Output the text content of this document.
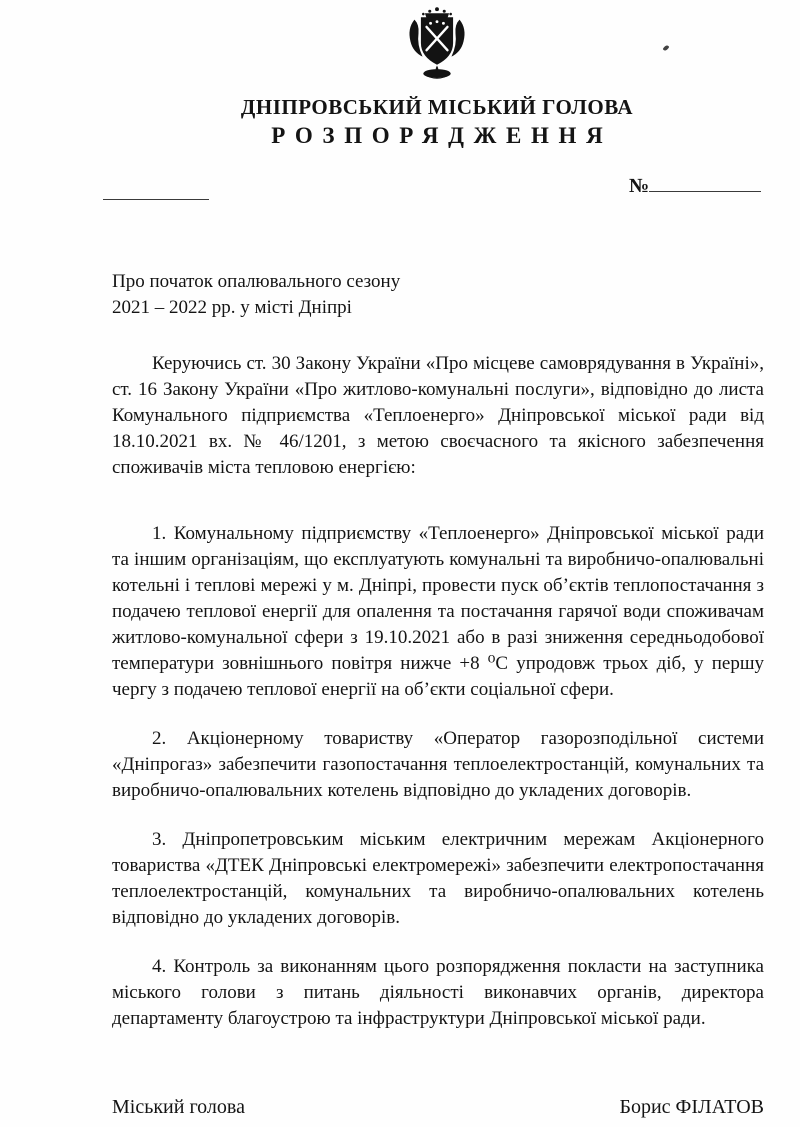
ДНІПРОВСЬКИЙ МІСЬКИЙ ГОЛОВА
РОЗПОРЯДЖЕННЯ
№
Про початок опалювального сезону
2021 – 2022 рр. у місті Дніпрі

Керуючись ст. 30 Закону України «Про місцеве самоврядування в Україні», ст. 16 Закону України «Про житлово-комунальні послуги», відповідно до листа Комунального підприємства «Теплоенерго» Дніпровської міської ради від 18.10.2021 вх. № 46/1201, з метою своєчасного та якісного забезпечення споживачів міста тепловою енергією:

1. Комунальному підприємству «Теплоенерго» Дніпровської міської ради та іншим організаціям, що експлуатують комунальні та виробничо-опалювальні котельні і теплові мережі у м. Дніпрі, провести пуск об’єктів теплопостачання з подачею теплової енергії для опалення та постачання гарячої води споживачам житлово-комунальної сфери з 19.10.2021 або в разі зниження середньодобової температури зовнішнього повітря нижче +8 ⁰С упродовж трьох діб, у першу чергу з подачею теплової енергії на об’єкти соціальної сфери.

2. Акціонерному товариству «Оператор газорозподільної системи «Дніпрогаз» забезпечити газопостачання теплоелектростанцій, комунальних та виробничо-опалювальних котелень відповідно до укладених договорів.

3. Дніпропетровським міським електричним мережам Акціонерного товариства «ДТЕК Дніпровські електромережі» забезпечити електропостачання теплоелектростанцій, комунальних та виробничо-опалювальних котелень відповідно до укладених договорів.

4. Контроль за виконанням цього розпорядження покласти на заступника міського голови з питань діяльності виконавчих органів, директора департаменту благоустрою та інфраструктури Дніпровської міської ради.

Міський голова	Борис ФІЛАТОВ
